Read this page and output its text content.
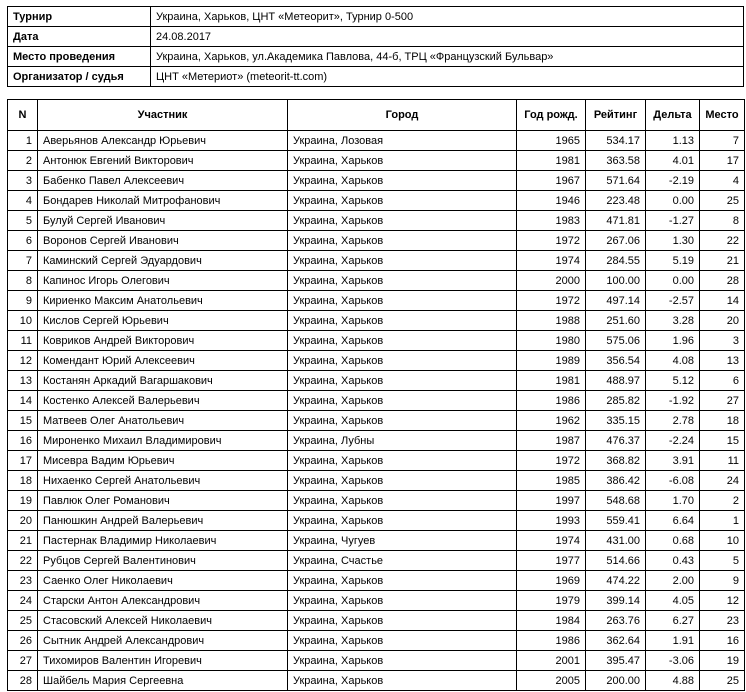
Турнир	Украина, Харьков, ЦНТ «Метеорит», Турнир 0-500
Дата	24.08.2017
Место проведения	Украина, Харьков, ул.Академика Павлова, 44-б, ТРЦ «Французский Бульвар»
Организатор / судья	ЦНТ «Метериот» (meteorit-tt.com)
N	Участник	Город	Год рожд.	Рейтинг	Дельта	Место
1	Аверьянов Александр Юрьевич	Украина, Лозовая	1965	534.17	1.13	7
2	Антонюк Евгений Викторович	Украина, Харьков	1981	363.58	4.01	17
3	Бабенко Павел Алексеевич	Украина, Харьков	1967	571.64	-2.19	4
4	Бондарев Николай Митрофанович	Украина, Харьков	1946	223.48	0.00	25
5	Булуй Сергей Иванович	Украина, Харьков	1983	471.81	-1.27	8
6	Воронов Сергей Иванович	Украина, Харьков	1972	267.06	1.30	22
7	Каминский Сергей Эдуардович	Украина, Харьков	1974	284.55	5.19	21
8	Капинос Игорь Олегович	Украина, Харьков	2000	100.00	0.00	28
9	Кириенко Максим Анатольевич	Украина, Харьков	1972	497.14	-2.57	14
10	Кислов Сергей Юрьевич	Украина, Харьков	1988	251.60	3.28	20
11	Ковриков Андрей Викторович	Украина, Харьков	1980	575.06	1.96	3
12	Комендант Юрий Алексеевич	Украина, Харьков	1989	356.54	4.08	13
13	Костанян Аркадий Вагаршакович	Украина, Харьков	1981	488.97	5.12	6
14	Костенко Алексей Валерьевич	Украина, Харьков	1986	285.82	-1.92	27
15	Матвеев Олег Анатольевич	Украина, Харьков	1962	335.15	2.78	18
16	Мироненко Михаил Владимирович	Украина, Лубны	1987	476.37	-2.24	15
17	Мисевра Вадим Юрьевич	Украина, Харьков	1972	368.82	3.91	11
18	Нихаенко Сергей Анатольевич	Украина, Харьков	1985	386.42	-6.08	24
19	Павлюк Олег Романович	Украина, Харьков	1997	548.68	1.70	2
20	Панюшкин Андрей Валерьевич	Украина, Харьков	1993	559.41	6.64	1
21	Пастернак Владимир Николаевич	Украина, Чугуев	1974	431.00	0.68	10
22	Рубцов Сергей Валентинович	Украина, Счастье	1977	514.66	0.43	5
23	Саенко Олег Николаевич	Украина, Харьков	1969	474.22	2.00	9
24	Старски Антон Александрович	Украина, Харьков	1979	399.14	4.05	12
25	Стасовский Алексей Николаевич	Украина, Харьков	1984	263.76	6.27	23
26	Сытник Андрей Александрович	Украина, Харьков	1986	362.64	1.91	16
27	Тихомиров Валентин Игоревич	Украина, Харьков	2001	395.47	-3.06	19
28	Шайбель Мария Сергеевна	Украина, Харьков	2005	200.00	4.88	25
